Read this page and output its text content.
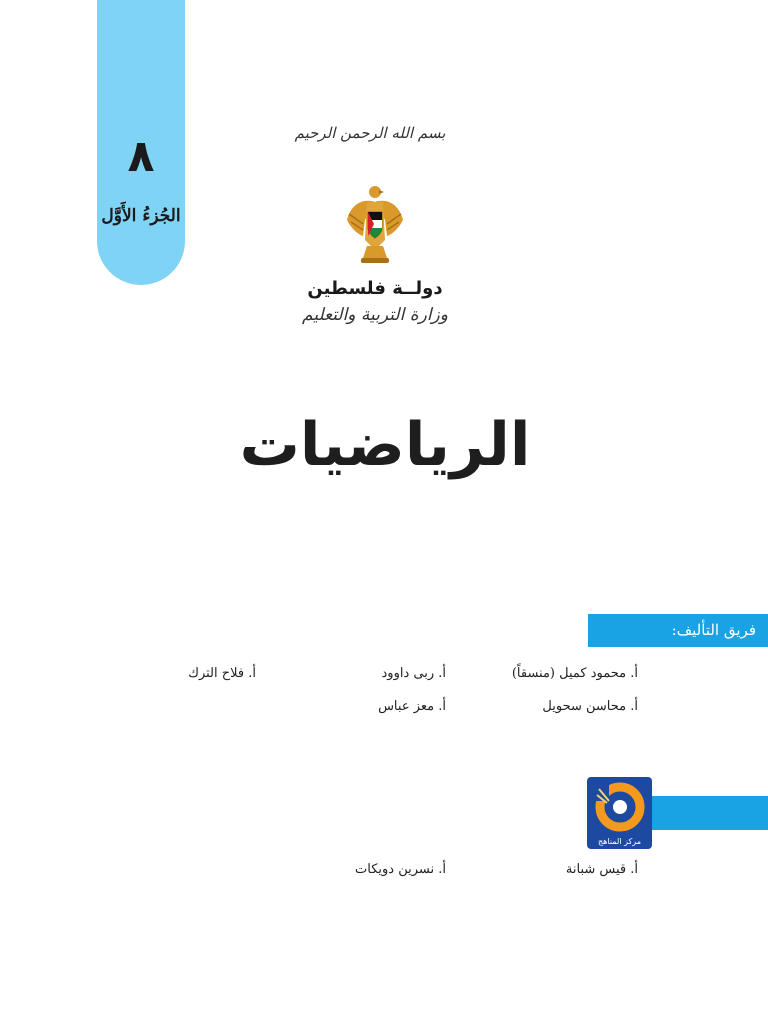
٨
الجُزءُ الأَوَّل
بسم الله الرحمن الرحيم
دولــة فلسطين
وزارة التربية والتعليم
الرياضيات
فريق التأليف:
أ. محمود كميل (منسقاً)
أ. ربى داوود
أ. فلاح الترك
أ. محاسن سحويل
أ. معز عباس
مركز المناهج
أ. قيس شبانة
أ. نسرين دويكات
